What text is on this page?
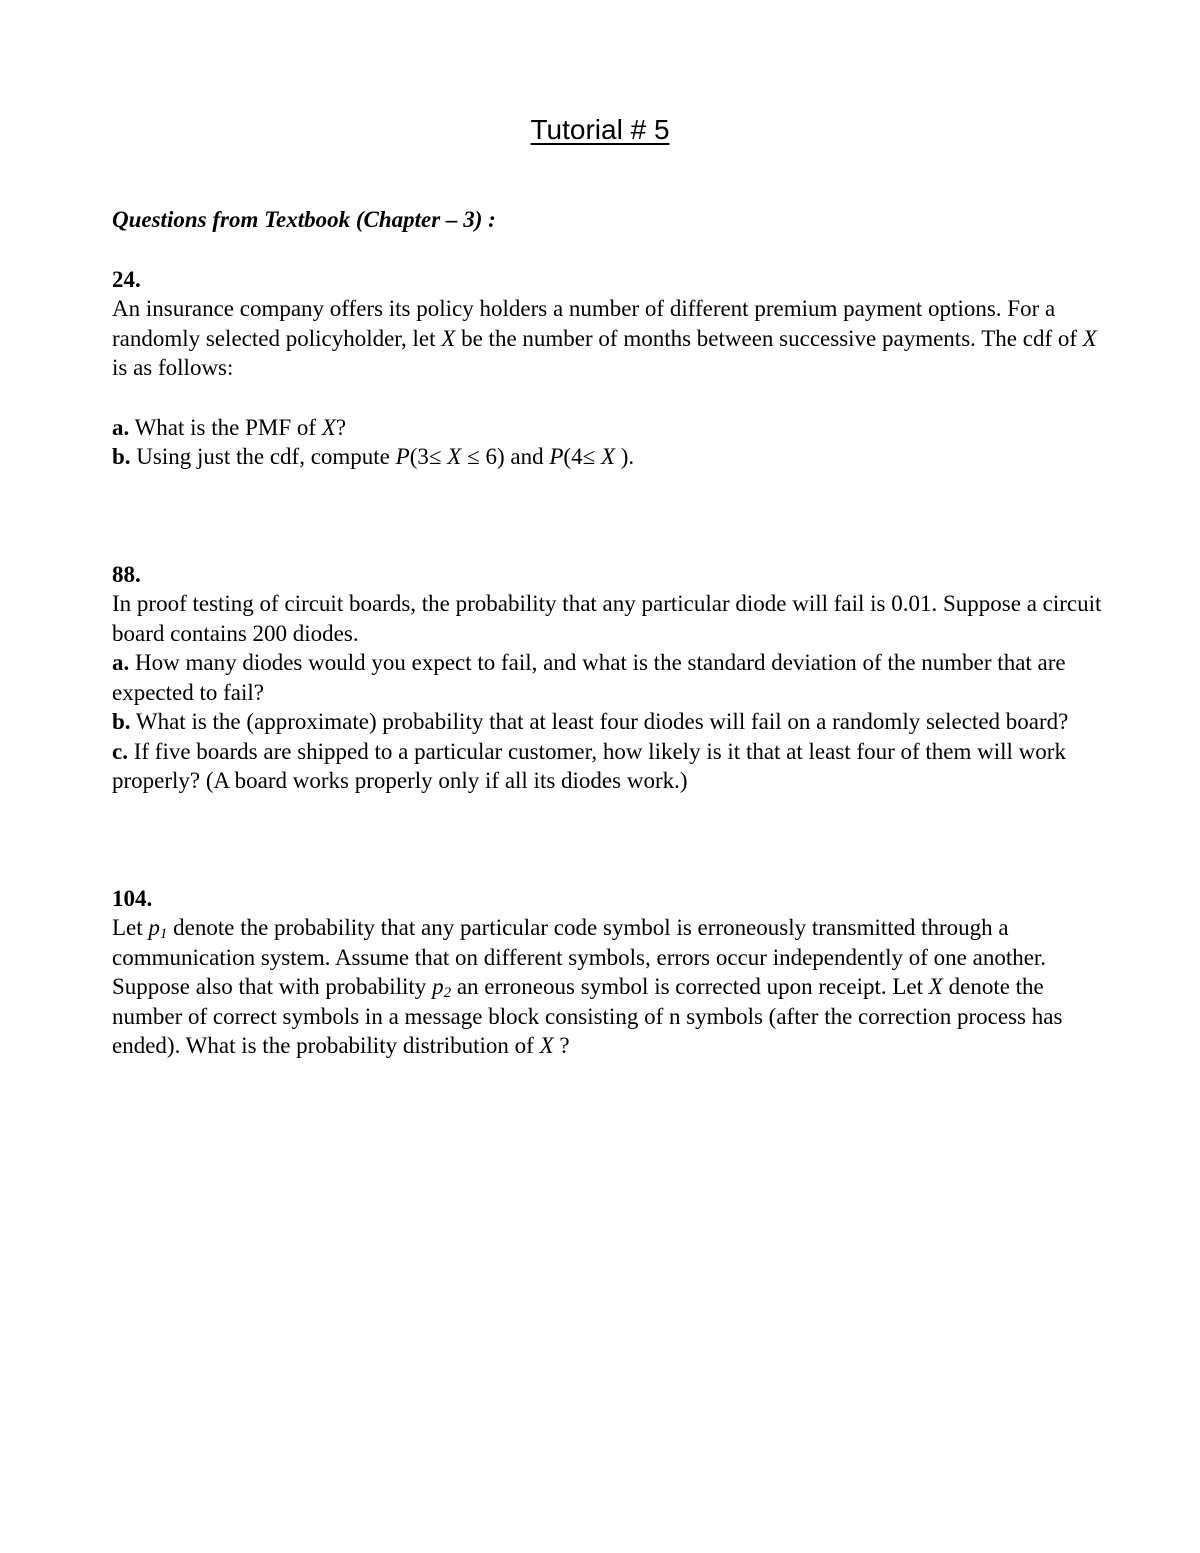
Tutorial # 5

Questions from Textbook (Chapter – 3) :

24.

An insurance company offers its policy holders a number of different premium payment options. For a randomly selected policyholder, let X be the number of months between successive payments. The cdf of X is as follows:

a. What is the PMF of X?

b. Using just the cdf, compute P(3≤ X ≤ 6) and P(4≤ X ).

88.

In proof testing of circuit boards, the probability that any particular diode will fail is 0.01. Suppose a circuit board contains 200 diodes.

a. How many diodes would you expect to fail, and what is the standard deviation of the number that are expected to fail?

b. What is the (approximate) probability that at least four diodes will fail on a randomly selected board?

c. If five boards are shipped to a particular customer, how likely is it that at least four of them will work properly? (A board works properly only if all its diodes work.)

104.

Let $p_1$ denote the probability that any particular code symbol is erroneously transmitted through a communication system. Assume that on different symbols, errors occur independently of one another. Suppose also that with probability $p_2$ an erroneous symbol is corrected upon receipt. Let X denote the number of correct symbols in a message block consisting of n symbols (after the correction process has ended). What is the probability distribution of X ?
